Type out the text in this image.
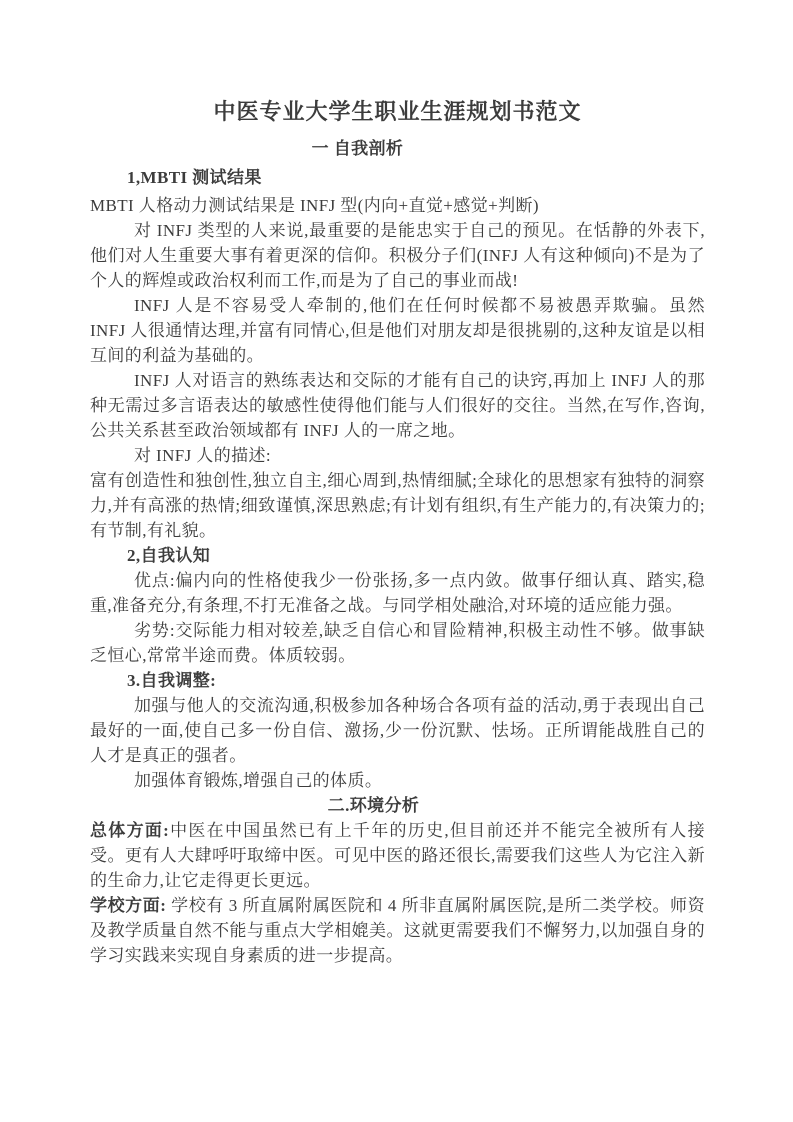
中医专业大学生职业生涯规划书范文

一 自我剖析

1,MBTI 测试结果

MBTI 人格动力测试结果是 INFJ 型(内向+直觉+感觉+判断)

对 INFJ 类型的人来说,最重要的是能忠实于自己的预见。在恬静的外表下,他们对人生重要大事有着更深的信仰。积极分子们(INFJ 人有这种倾向)不是为了个人的辉煌或政治权利而工作,而是为了自己的事业而战!

INFJ 人是不容易受人牵制的,他们在任何时候都不易被愚弄欺骗。虽然 INFJ 人很通情达理,并富有同情心,但是他们对朋友却是很挑剔的,这种友谊是以相互间的利益为基础的。

INFJ 人对语言的熟练表达和交际的才能有自己的诀窍,再加上 INFJ 人的那种无需过多言语表达的敏感性使得他们能与人们很好的交往。当然,在写作,咨询,公共关系甚至政治领域都有 INFJ 人的一席之地。

对 INFJ 人的描述:

富有创造性和独创性,独立自主,细心周到,热情细腻;全球化的思想家有独特的洞察力,并有高涨的热情;细致谨慎,深思熟虑;有计划有组织,有生产能力的,有决策力的;有节制,有礼貌。

2,自我认知

优点:偏内向的性格使我少一份张扬,多一点内敛。做事仔细认真、踏实,稳重,准备充分,有条理,不打无准备之战。与同学相处融洽,对环境的适应能力强。

劣势:交际能力相对较差,缺乏自信心和冒险精神,积极主动性不够。做事缺乏恒心,常常半途而费。体质较弱。

3.自我调整:

加强与他人的交流沟通,积极参加各种场合各项有益的活动,勇于表现出自己最好的一面,使自己多一份自信、激扬,少一份沉默、怯场。正所谓能战胜自己的人才是真正的强者。

加强体育锻炼,增强自己的体质。

二.环境分析

总体方面:中医在中国虽然已有上千年的历史,但目前还并不能完全被所有人接受。更有人大肆呼吁取缔中医。可见中医的路还很长,需要我们这些人为它注入新的生命力,让它走得更长更远。

学校方面: 学校有 3 所直属附属医院和 4 所非直属附属医院,是所二类学校。师资及教学质量自然不能与重点大学相媲美。这就更需要我们不懈努力,以加强自身的学习实践来实现自身素质的进一步提高。
